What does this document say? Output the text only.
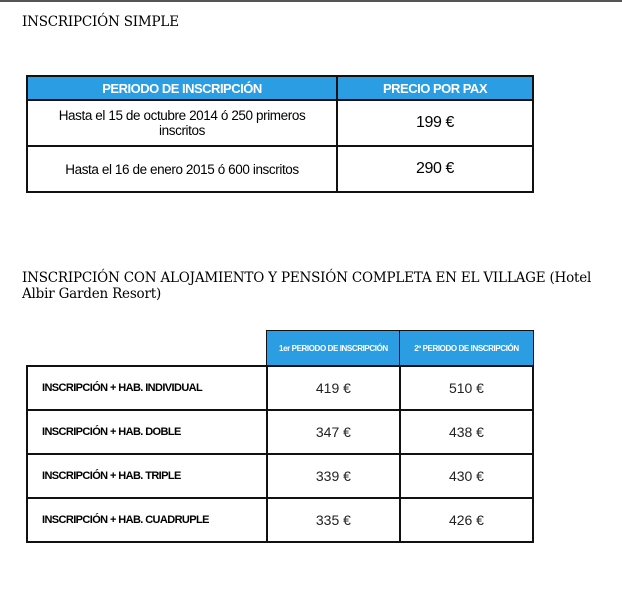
INSCRIPCIÓN SIMPLE
PERIODO DE INSCRIPCIÓN	PRECIO POR PAX
Hasta el 15 de octubre 2014 ó 250 primeros
inscritos	199 €
Hasta el 16 de enero 2015 ó 600 inscritos	290 €
INSCRIPCIÓN CON ALOJAMIENTO Y PENSIÓN COMPLETA EN EL VILLAGE (Hotel Albir Garden Resort)
	1er PERIODO DE INSCRIPCIÓN	2º PERIODO DE INSCRIPCIÓN
INSCRIPCIÓN + HAB. INDIVIDUAL	419 €	510 €
INSCRIPCIÓN + HAB. DOBLE	347 €	438 €
INSCRIPCIÓN + HAB. TRIPLE	339 €	430 €
INSCRIPCIÓN + HAB. CUADRUPLE	335 €	426 €
